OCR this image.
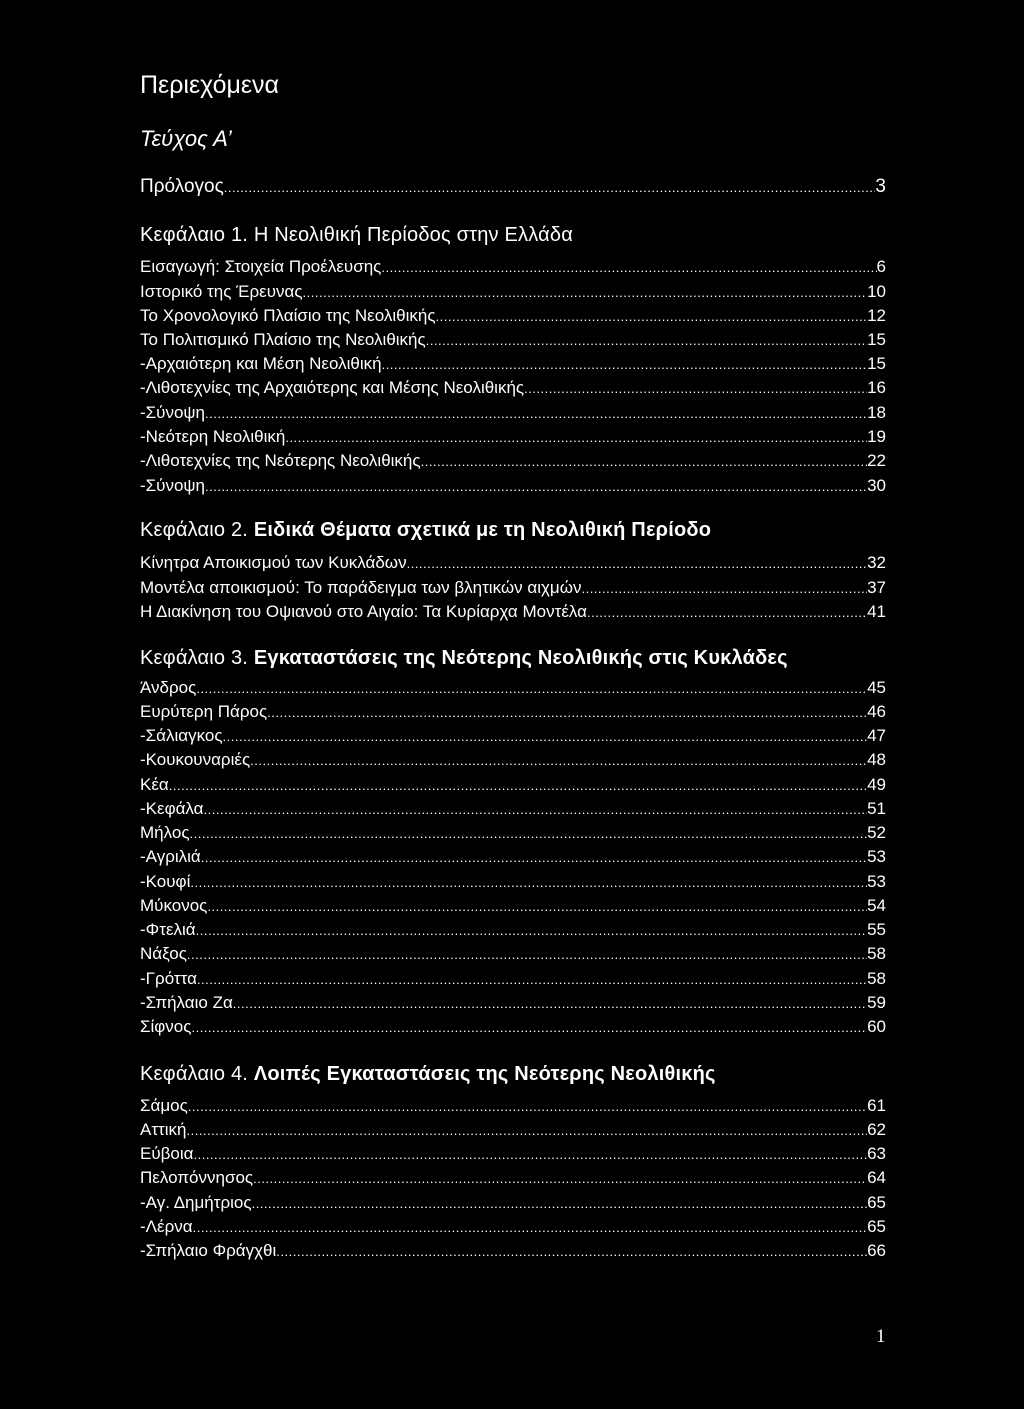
Περιεχόμενα
Τεύχος Α’
Πρόλογος .....	3
Κεφάλαιο 1. Η Νεολιθική Περίοδος στην Ελλάδα
Εισαγωγή: Στοιχεία Προέλευσης .....	6
Ιστορικό της Έρευνας .....	10
Το Χρονολογικό Πλαίσιο της Νεολιθικής .....	12
Το Πολιτισμικό Πλαίσιο της Νεολιθικής .....	15
-Αρχαιότερη και Μέση Νεολιθική .....	15
-Λιθοτεχνίες της Αρχαιότερης και Μέσης Νεολιθικής .....	16
-Σύνοψη .....	18
-Νεότερη Νεολιθική .....	19
-Λιθοτεχνίες της Νεότερης Νεολιθικής .....	22
-Σύνοψη .....	30
Κεφάλαιο 2. Ειδικά Θέματα σχετικά με τη Νεολιθική Περίοδο
Κίνητρα Αποικισμού των Κυκλάδων .....	32
Μοντέλα αποικισμού: Το παράδειγμα των βλητικών αιχμών .....	37
Η Διακίνηση του Οψιανού στο Αιγαίο: Τα Κυρίαρχα Μοντέλα .....	41
Κεφάλαιο 3. Εγκαταστάσεις της Νεότερης Νεολιθικής στις Κυκλάδες
Άνδρος .....	45
Ευρύτερη Πάρος .....	46
-Σάλιαγκος .....	47
-Κουκουναριές .....	48
Κέα .....	49
-Κεφάλα .....	51
Μήλος .....	52
-Αγριλιά .....	53
-Κουφί .....	53
Μύκονος .....	54
-Φτελιά .....	55
Νάξος .....	58
-Γρόττα .....	58
-Σπήλαιο Ζα .....	59
Σίφνος .....	60
Κεφάλαιο 4. Λοιπές Εγκαταστάσεις της Νεότερης Νεολιθικής
Σάμος .....	61
Αττική .....	62
Εύβοια .....	63
Πελοπόννησος .....	64
-Αγ. Δημήτριος .....	65
-Λέρνα .....	65
-Σπήλαιο Φράγχθι .....	66
1
